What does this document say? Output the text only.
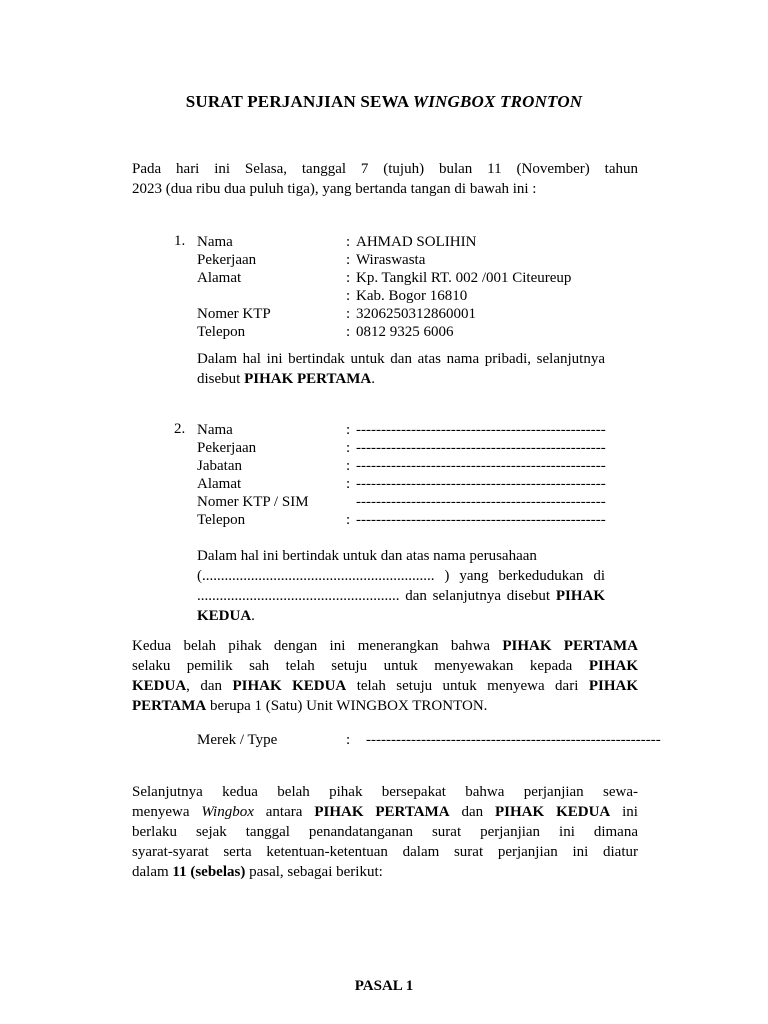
SURAT PERJANJIAN SEWA WINGBOX TRONTON
Pada hari ini Selasa, tanggal 7 (tujuh) bulan 11 (November) tahun
2023 (dua ribu dua puluh tiga), yang bertanda tangan di bawah ini :
1. Nama	: AHMAD SOLIHIN
Pekerjaan	: Wiraswasta
Alamat	: Kp. Tangkil RT. 002 /001 Citeureup
: Kab. Bogor 16810
Nomer KTP	: 3206250312860001
Telepon	: 0812 9325 6006
Dalam hal ini bertindak untuk dan atas nama pribadi, selanjutnya
disebut PIHAK PERTAMA.
2. Nama	: --------------------------------------------------
Pekerjaan	: --------------------------------------------------
Jabatan	: --------------------------------------------------
Alamat	: --------------------------------------------------
Nomer KTP / SIM	--------------------------------------------------
Telepon	: --------------------------------------------------
Dalam hal ini bertindak untuk dan atas nama perusahaan
(.............................................................. ) yang berkedudukan di
...................................................... dan selanjutnya disebut PIHAK
KEDUA.
Kedua belah pihak dengan ini menerangkan bahwa PIHAK PERTAMA
selaku pemilik sah telah setuju untuk menyewakan kepada PIHAK
KEDUA, dan PIHAK KEDUA telah setuju untuk menyewa dari PIHAK
PERTAMA berupa 1 (Satu) Unit WINGBOX TRONTON.
Merek / Type	: -----------------------------------------------------------
Selanjutnya kedua belah pihak bersepakat bahwa perjanjian sewa-
menyewa Wingbox antara PIHAK PERTAMA dan PIHAK KEDUA ini
berlaku sejak tanggal penandatanganan surat perjanjian ini dimana
syarat-syarat serta ketentuan-ketentuan dalam surat perjanjian ini diatur
dalam 11 (sebelas) pasal, sebagai berikut:
PASAL 1
